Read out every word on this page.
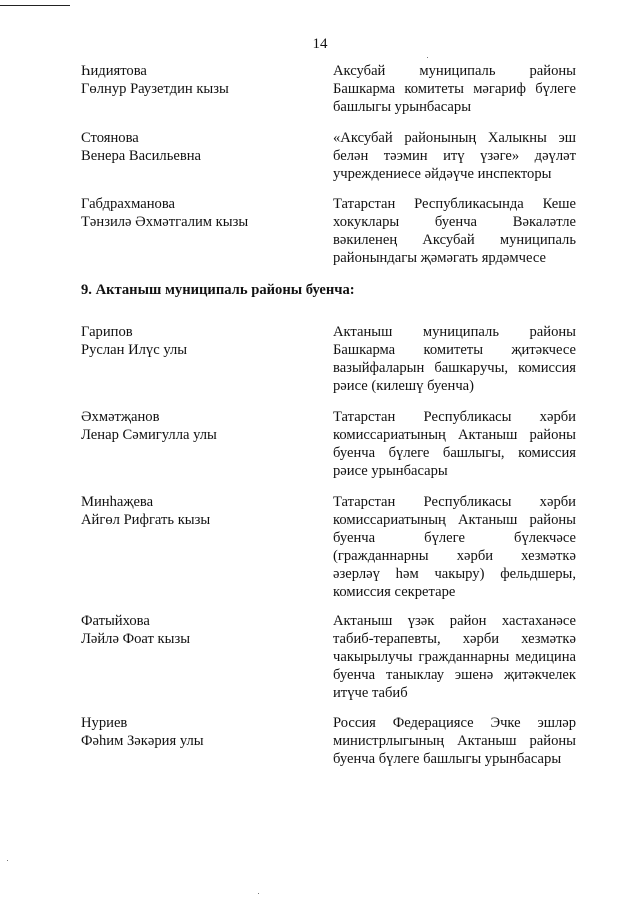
14
Һидиятова
Гөлнур Раузетдин кызы
Аксубай муниципаль районы Башкарма комитеты мәгариф бүлеге башлыгы урынбасары
Стоянова
Венера Васильевна
«Аксубай районының Халыкны эш белән тәэмин итү үзәге» дәүләт учреждениесе әйдәүче инспекторы
Габдрахманова
Тәнзилә Әхмәтгалим кызы
Татарстан Республикасында Кеше хокуклары буенча Вәкаләтле вәкиленең Аксубай муниципаль районындагы җәмәгать ярдәмчесе
9. Актаныш муниципаль районы буенча:
Гарипов
Руслан Илүс улы
Актаныш муниципаль районы Башкарма комитеты җитәкчесе вазыйфаларын башкаручы, комиссия рәисе (килешү буенча)
Әхмәтҗанов
Ленар Сәмигулла улы
Татарстан Республикасы хәрби комиссариатының Актаныш районы буенча бүлеге башлыгы, комиссия рәисе урынбасары
Минһаҗева
Айгөл Рифгать кызы
Татарстан Республикасы хәрби комиссариатының Актаныш районы буенча бүлеге бүлекчәсе (гражданнарны хәрби хезмәткә әзерләү һәм чакыру) фельдшеры, комиссия секретаре
Фатыйхова
Ләйлә Фоат кызы
Актаныш үзәк район хастаханәсе табиб-терапевты, хәрби хезмәткә чакырылучы гражданнарны медицина буенча таныклау эшенә җитәкчелек итүче табиб
Нуриев
Фәһим Зәкәрия улы
Россия Федерациясе Эчке эшләр министрлыгының Актаныш районы буенча бүлеге башлыгы урынбасары
